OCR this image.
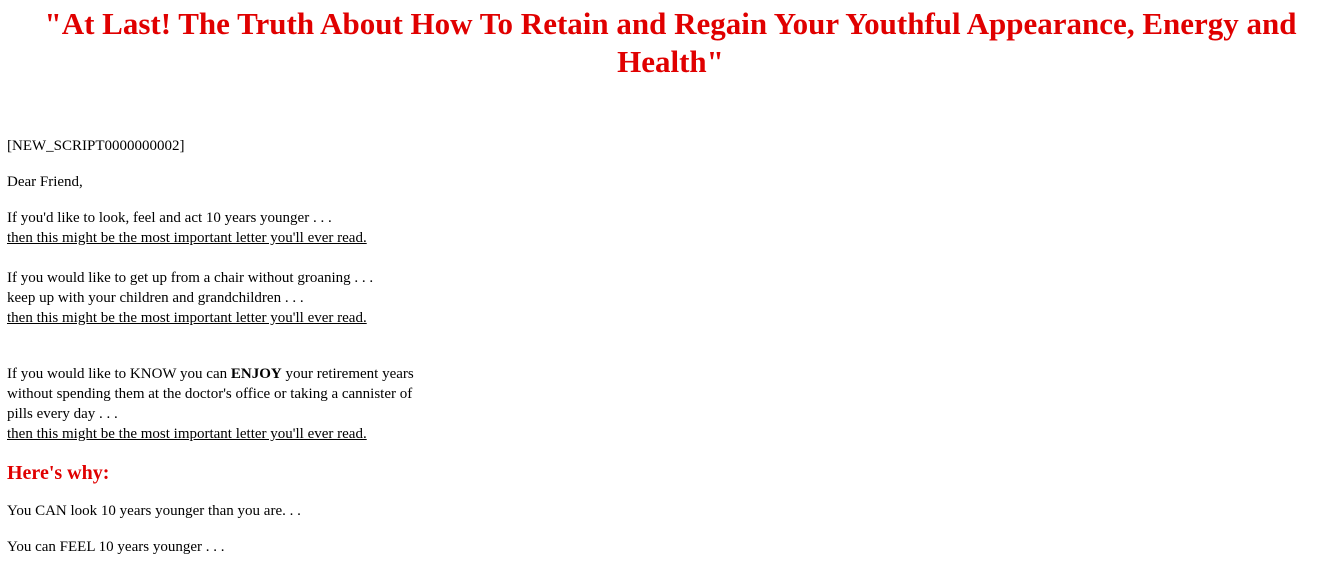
"At Last! The Truth About How To Retain and Regain Your Youthful Appearance, Energy and
Health"

[NEW_SCRIPT0000000002]

Dear Friend,

If you'd like to look, feel and act 10 years younger . . .

then this might be the most important letter you'll ever read.

If you would like to get up from a chair without groaning . . .

keep up with your children and grandchildren . . .

then this might be the most important letter you'll ever read.

If you would like to KNOW you can ENJOY your retirement years

without spending them at the doctor's office or taking a cannister of

pills every day . . .

then this might be the most important letter you'll ever read.

Here's why:

You CAN look 10 years younger than you are. . .

You can FEEL 10 years younger . . .
